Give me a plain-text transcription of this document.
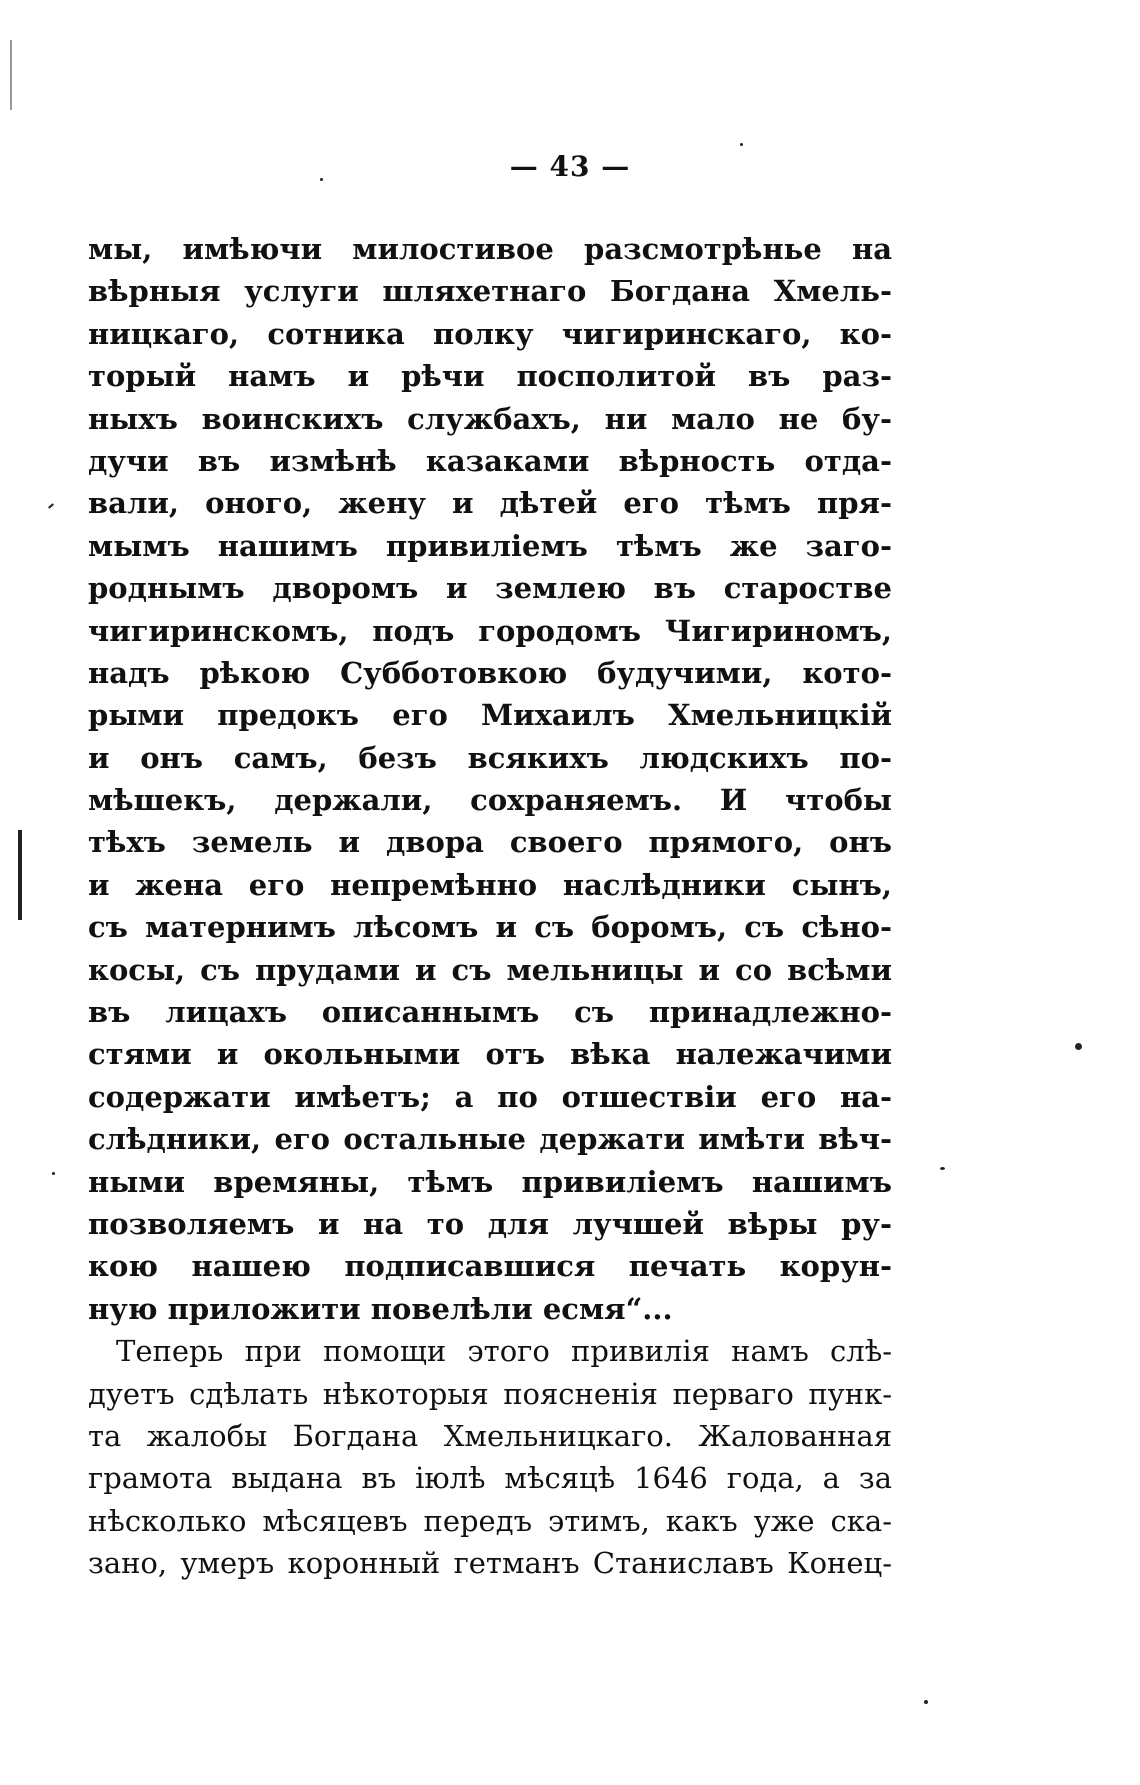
— 43 —
мы, имѣючи милостивое разсмотрѣнье на
вѣрныя услуги шляхетнаго Богдана Хмель-
ницкаго, сотника полку чигиринскаго, ко-
торый намъ и рѣчи посполитой въ раз-
ныхъ воинскихъ службахъ, ни мало не бу-
дучи въ измѣнѣ казаками вѣрность отда-
вали, оного, жену и дѣтей его тѣмъ пря-
мымъ нашимъ привиліемъ тѣмъ же заго-
роднымъ дворомъ и землею въ старостве
чигиринскомъ, подъ городомъ Чигириномъ,
надъ рѣкою Субботовкою будучими, кото-
рыми предокъ его Михаилъ Хмельницкій
и онъ самъ, безъ всякихъ людскихъ по-
мѣшекъ, держали, сохраняемъ. И чтобы
тѣхъ земель и двора своего прямого, онъ
и жена его непремѣнно наслѣдники сынъ,
съ матернимъ лѣсомъ и съ боромъ, съ сѣно-
косы, съ прудами и съ мельницы и со всѣми
въ лицахъ описаннымъ съ принадлежно-
стями и окольными отъ вѣка належачими
содержати имѣетъ; а по отшествіи его на-
слѣдники, его остальные держати имѣти вѣч-
ными времяны, тѣмъ привиліемъ нашимъ
позволяемъ и на то для лучшей вѣры ру-
кою нашею подписавшися печать корун-
ную приложити повелѣли есмя“...
Теперь при помощи этого привилія намъ слѣ-
дуетъ сдѣлать нѣкоторыя поясненія перваго пунк-
та жалобы Богдана Хмельницкаго. Жалованная
грамота выдана въ іюлѣ мѣсяцѣ 1646 года, а за
нѣсколько мѣсяцевъ передъ этимъ, какъ уже ска-
зано, умеръ коронный гетманъ Станиславъ Конец-
